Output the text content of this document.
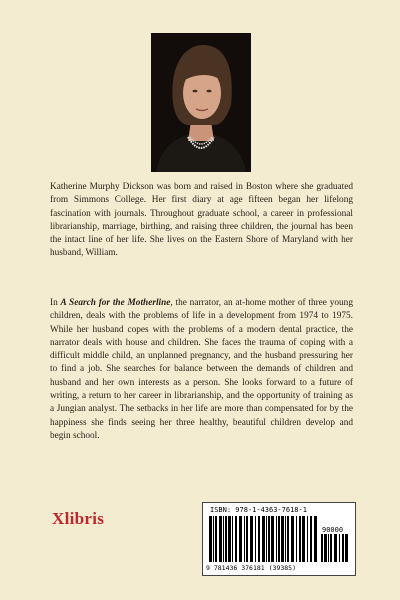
Katherine Murphy Dickson was born and raised in Boston where she graduated from Simmons College. Her first diary at age fifteen began her lifelong fascination with journals. Throughout graduate school, a career in professional librarianship, marriage, birthing, and raising three children, the journal has been the intact line of her life. She lives on the Eastern Shore of Maryland with her husband, William.

In A Search for the Motherline, the narrator, an at-home mother of three young children, deals with the problems of life in a development from 1974 to 1975. While her husband copes with the problems of a modern dental practice, the narrator deals with house and children. She faces the trauma of coping with a difficult middle child, an unplanned pregnancy, and the husband pressuring her to find a job. She searches for balance between the demands of children and husband and her own interests as a person. She looks forward to a future of writing, a return to her career in librarianship, and the opportunity of training as a Jungian analyst. The setbacks in her life are more than compensated for by the happiness she finds seeing her three healthy, beautiful children develop and begin school.

Xlibris	ISBN: 978-1-4363-7618-1
90000
9 781436 376181 (39385)
